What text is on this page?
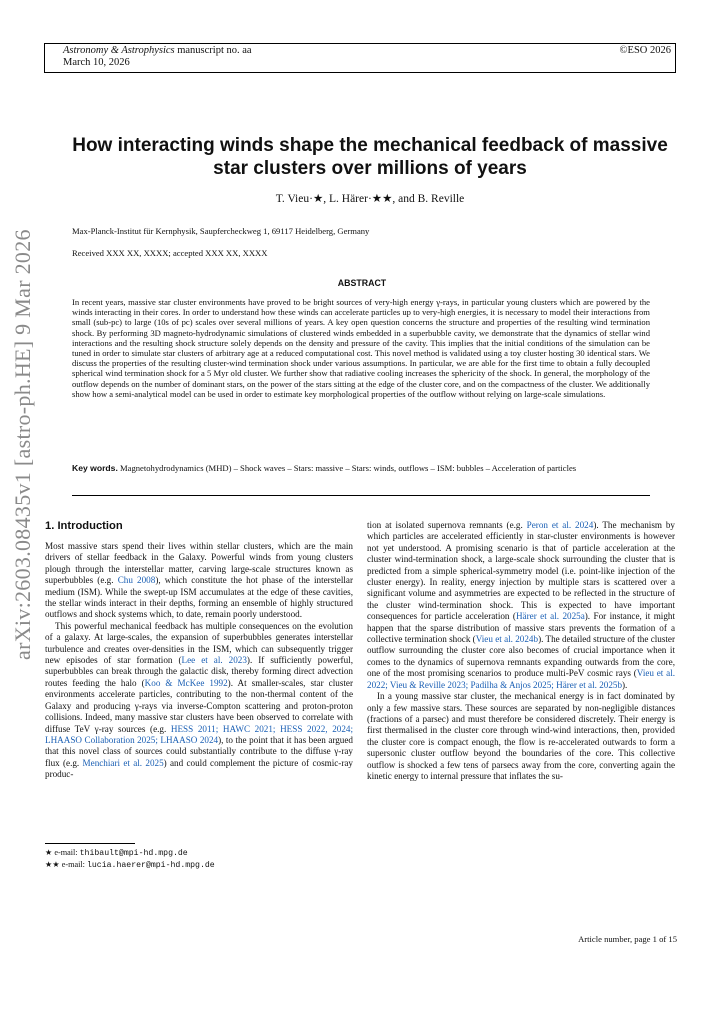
Astronomy & Astrophysics manuscript no. aa
March 10, 2026
©ESO 2026
arXiv:2603.08435v1 [astro-ph.HE] 9 Mar 2026
How interacting winds shape the mechanical feedback of massive star clusters over millions of years
T. Vieu·★, L. Härer·★★, and B. Reville
Max-Planck-Institut für Kernphysik, Saupfercheckweg 1, 69117 Heidelberg, Germany
Received XXX XX, XXXX; accepted XXX XX, XXXX
ABSTRACT
In recent years, massive star cluster environments have proved to be bright sources of very-high energy γ-rays, in particular young clusters which are powered by the winds interacting in their cores. In order to understand how these winds can accelerate particles up to very-high energies, it is necessary to model their interactions from small (sub-pc) to large (10s of pc) scales over several millions of years. A key open question concerns the structure and properties of the resulting wind termination shock. By performing 3D magneto-hydrodynamic simulations of clustered winds embedded in a superbubble cavity, we demonstrate that the dynamics of stellar wind interactions and the resulting shock structure solely depends on the density and pressure of the cavity. This implies that the initial conditions of the simulation can be tuned in order to simulate star clusters of arbitrary age at a reduced computational cost. This novel method is validated using a toy cluster hosting 30 identical stars. We discuss the properties of the resulting cluster-wind termination shock under various assumptions. In particular, we are able for the first time to obtain a fully decoupled spherical wind termination shock for a 5 Myr old cluster. We further show that radiative cooling increases the sphericity of the shock. In general, the morphology of the outflow depends on the number of dominant stars, on the power of the stars sitting at the edge of the cluster core, and on the compactness of the cluster. We additionally show how a semi-analytical model can be used in order to estimate key morphological properties of the outflow without relying on large-scale simulations.
Key words. Magnetohydrodynamics (MHD) – Shock waves – Stars: massive – Stars: winds, outflows – ISM: bubbles – Acceleration of particles
1. Introduction

Most massive stars spend their lives within stellar clusters, which are the main drivers of stellar feedback in the Galaxy. Powerful winds from young clusters plough through the interstellar matter, carving large-scale structures known as superbubbles (e.g. Chu 2008), which constitute the hot phase of the interstellar medium (ISM). While the swept-up ISM accumulates at the edge of these cavities, the stellar winds interact in their depths, forming an ensemble of highly structured outflows and shock systems which, to date, remain poorly understood.

This powerful mechanical feedback has multiple consequences on the evolution of a galaxy. At large-scales, the expansion of superbubbles generates interstellar turbulence and creates over-densities in the ISM, which can subsequently trigger new episodes of star formation (Lee et al. 2023). If sufficiently powerful, superbubbles can break through the galactic disk, thereby forming direct advection routes feeding the halo (Koo & McKee 1992). At smaller-scales, star cluster environments accelerate particles, contributing to the non-thermal content of the Galaxy and producing γ-rays via inverse-Compton scattering and proton-proton collisions. Indeed, many massive star clusters have been observed to correlate with diffuse TeV γ-ray sources (e.g. HESS 2011; HAWC 2021; HESS 2022, 2024; LHAASO Collaboration 2025; LHAASO 2024), to the point that it has been argued that this novel class of sources could substantially contribute to the diffuse γ-ray flux (e.g. Menchiari et al. 2025) and could complement the picture of cosmic-ray produc-

tion at isolated supernova remnants (e.g. Peron et al. 2024). The mechanism by which particles are accelerated efficiently in star-cluster environments is however not yet understood. A promising scenario is that of particle acceleration at the cluster wind-termination shock, a large-scale shock surrounding the cluster that is predicted from a simple spherical-symmetry model (i.e. point-like injection of the cluster energy). In reality, energy injection by multiple stars is scattered over a significant volume and asymmetries are expected to be reflected in the structure of the cluster wind-termination shock. This is expected to have important consequences for particle acceleration (Härer et al. 2025a). For instance, it might happen that the sparse distribution of massive stars prevents the formation of a collective termination shock (Vieu et al. 2024b). The detailed structure of the cluster outflow surrounding the cluster core also becomes of crucial importance when it comes to the dynamics of supernova remnants expanding outwards from the core, one of the most promising scenarios to produce multi-PeV cosmic rays (Vieu et al. 2022; Vieu & Reville 2023; Padilha & Anjos 2025; Härer et al. 2025b).

In a young massive star cluster, the mechanical energy is in fact dominated by only a few massive stars. These sources are separated by non-negligible distances (fractions of a parsec) and must therefore be considered discretely. Their energy is first thermalised in the cluster core through wind-wind interactions, then, provided the cluster core is compact enough, the flow is re-accelerated outwards to form a supersonic cluster outflow beyond the boundaries of the core. This collective outflow is shocked a few tens of parsecs away from the core, converting again the kinetic energy to internal pressure that inflates the su-

★ e-mail: thibault@mpi-hd.mpg.de
★★ e-mail: lucia.haerer@mpi-hd.mpg.de
Article number, page 1 of 15
